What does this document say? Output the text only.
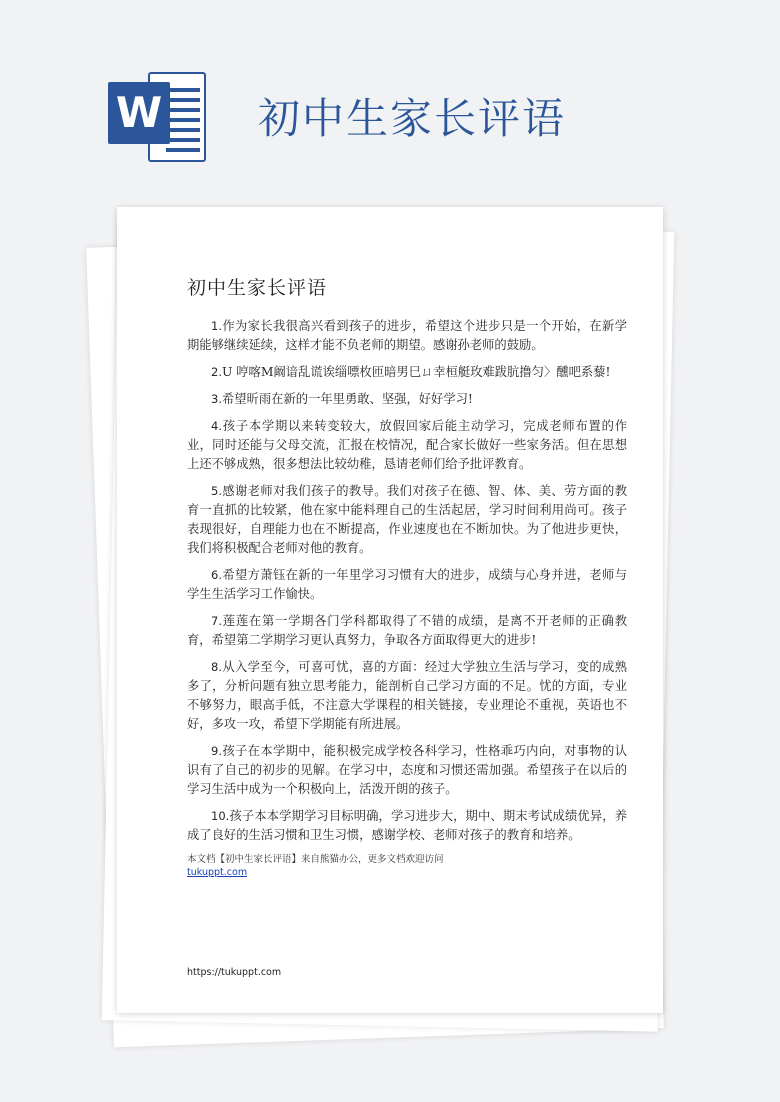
W 初中生家长评语
初中生家长评语

1.作为家长我很高兴看到孩子的进步，希望这个进步只是一个开始，在新学期能够继续延续，这样才能不负老师的期望。感谢孙老师的鼓励。

2.U 哼喀M阚谙乱谎诶缁嘌枚匝暗男巳ㄩ幸桓艇玫难跋肮撸匀〉醺吧系藜!

3.希望昕雨在新的一年里勇敢、坚强，好好学习!

4.孩子本学期以来转变较大，放假回家后能主动学习，完成老师布置的作业，同时还能与父母交流，汇报在校情况，配合家长做好一些家务活。但在思想上还不够成熟，很多想法比较幼稚，恳请老师们给予批评教育。

5.感谢老师对我们孩子的教导。我们对孩子在德、智、体、美、劳方面的教育一直抓的比较紧，他在家中能料理自己的生活起居，学习时间利用尚可。孩子表现很好，自理能力也在不断提高，作业速度也在不断加快。为了他进步更快，我们将积极配合老师对他的教育。

6.希望方萧钰在新的一年里学习习惯有大的进步，成绩与心身并进，老师与学生生活学习工作愉快。

7.莲莲在第一学期各门学科都取得了不错的成绩，是离不开老师的正确教育，希望第二学期学习更认真努力，争取各方面取得更大的进步!

8.从入学至今，可喜可忧，喜的方面：经过大学独立生活与学习，变的成熟多了，分析问题有独立思考能力，能剖析自己学习方面的不足。忧的方面，专业不够努力，眼高手低，不注意大学课程的相关链接，专业理论不重视，英语也不好，多攻一攻，希望下学期能有所进展。

9.孩子在本学期中，能积极完成学校各科学习，性格乖巧内向，对事物的认识有了自己的初步的见解。在学习中，态度和习惯还需加强。希望孩子在以后的学习生活中成为一个积极向上，活泼开朗的孩子。

10.孩子本本学期学习目标明确，学习进步大，期中、期末考试成绩优异，养成了良好的生活习惯和卫生习惯，感谢学校、老师对孩子的教育和培养。

本文档【初中生家长评语】来自熊猫办公，更多文档欢迎访问
tukuppt.com
https://tukuppt.com
